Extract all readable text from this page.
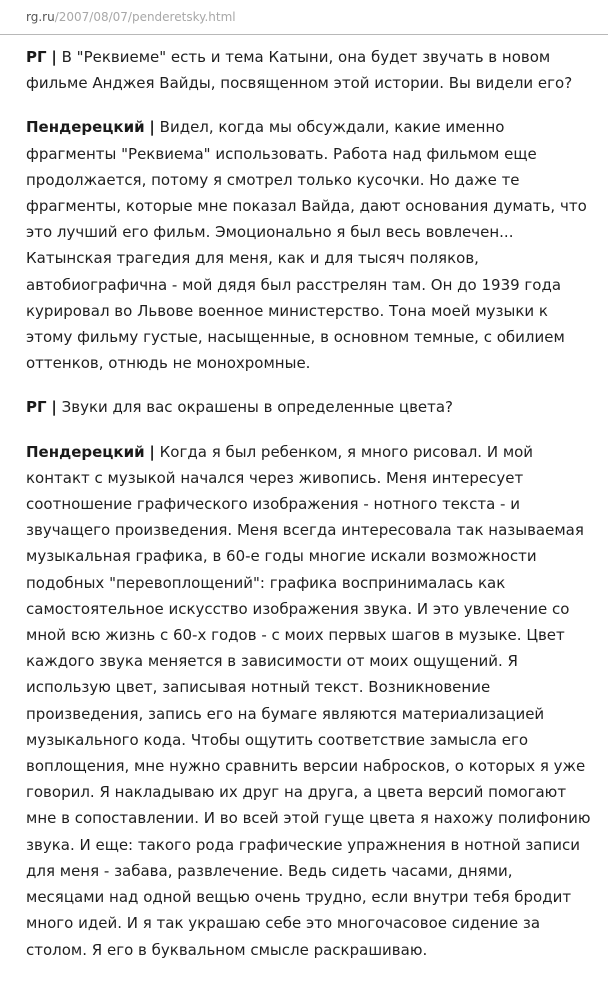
rg.ru/2007/08/07/penderetsky.html
РГ | В "Реквиеме" есть и тема Катыни, она будет звучать в новом
фильме Анджея Вайды, посвященном этой истории. Вы видели его?
Пендерецкий | Видел, когда мы обсуждали, какие именно
фрагменты "Реквиема" использовать. Работа над фильмом еще
продолжается, потому я смотрел только кусочки. Но даже те
фрагменты, которые мне показал Вайда, дают основания думать, что
это лучший его фильм. Эмоционально я был весь вовлечен...
Катынская трагедия для меня, как и для тысяч поляков,
автобиографична - мой дядя был расстрелян там. Он до 1939 года
курировал во Львове военное министерство. Тона моей музыки к
этому фильму густые, насыщенные, в основном темные, с обилием
оттенков, отнюдь не монохромные.
РГ | Звуки для вас окрашены в определенные цвета?
Пендерецкий | Когда я был ребенком, я много рисовал. И мой
контакт с музыкой начался через живопись. Меня интересует
соотношение графического изображения - нотного текста - и
звучащего произведения. Меня всегда интересовала так называемая
музыкальная графика, в 60-е годы многие искали возможности
подобных "перевоплощений": графика воспринималась как
самостоятельное искусство изображения звука. И это увлечение со
мной всю жизнь с 60-х годов - с моих первых шагов в музыке. Цвет
каждого звука меняется в зависимости от моих ощущений. Я
использую цвет, записывая нотный текст. Возникновение
произведения, запись его на бумаге являются материализацией
музыкального кода. Чтобы ощутить соответствие замысла его
воплощения, мне нужно сравнить версии набросков, о которых я уже
говорил. Я накладываю их друг на друга, а цвета версий помогают
мне в сопоставлении. И во всей этой гуще цвета я нахожу полифонию
звука. И еще: такого рода графические упражнения в нотной записи
для меня - забава, развлечение. Ведь сидеть часами, днями,
месяцами над одной вещью очень трудно, если внутри тебя бродит
много идей. И я так украшаю себе это многочасовое сидение за
столом. Я его в буквальном смысле раскрашиваю.
